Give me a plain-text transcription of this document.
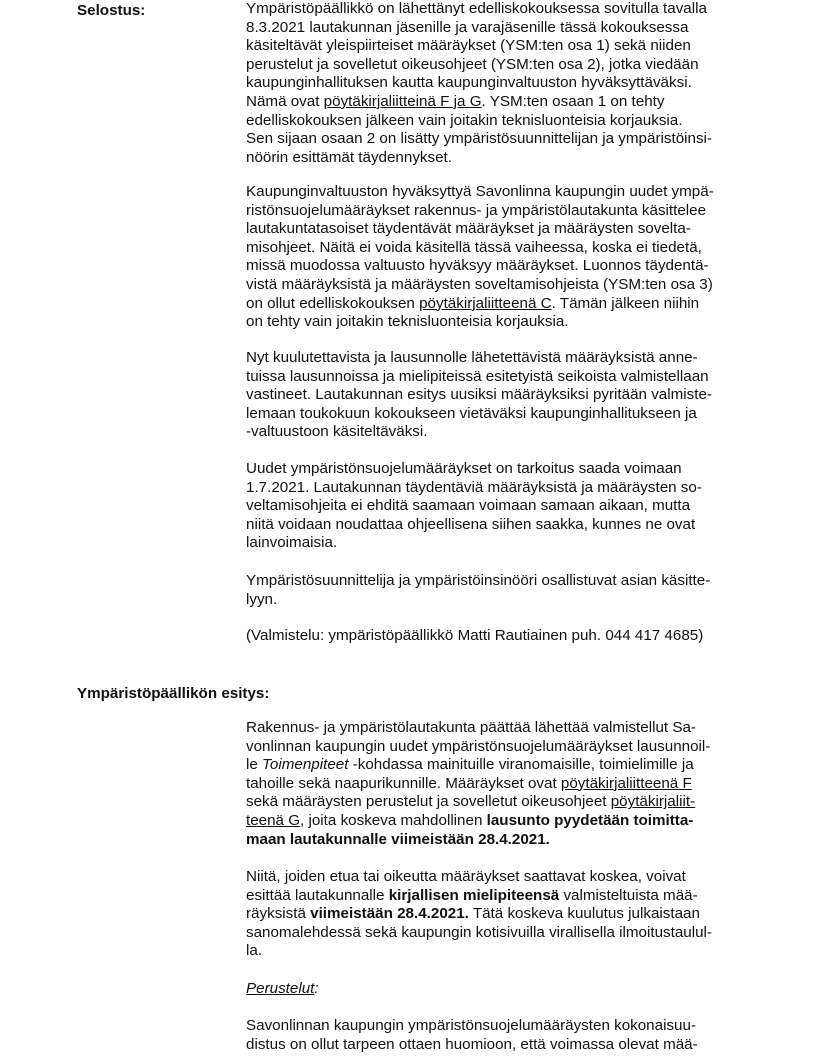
Selostus:	Ympäristöpäällikkö on lähettänyt edelliskokouksessa sovitulla tavalla
8.3.2021 lautakunnan jäsenille ja varajäsenille tässä kokouksessa
käsiteltävät yleispiirteiset määräykset (YSM:ten osa 1) sekä niiden
perustelut ja sovelletut oikeusohjeet (YSM:ten osa 2), jotka viedään
kaupunginhallituksen kautta kaupunginvaltuuston hyväksyttäväksi.
Nämä ovat pöytäkirjaliitteinä F ja G. YSM:ten osaan 1 on tehty
edelliskokouksen jälkeen vain joitakin teknisluonteisia korjauksia.
Sen sijaan osaan 2 on lisätty ympäristösuunnittelijan ja ympäristöinsi-
nöörin esittämät täydennykset.
Kaupunginvaltuuston hyväksyttyä Savonlinna kaupungin uudet ympä-
ristönsuojelumääräykset rakennus- ja ympäristölautakunta käsittelee
lautakuntatasoiset täydentävät määräykset ja määräysten soveltа-
misohjeet. Näitä ei voida käsitellä tässä vaiheessa, koska ei tiedetä,
missä muodossa valtuusto hyväksyy määräykset. Luonnos täydentä-
vistä määräyksistä ja määräysten soveltamisohjeista (YSM:ten osa 3)
on ollut edelliskokouksen pöytäkirjaliitteenä C. Tämän jälkeen niihin
on tehty vain joitakin teknisluonteisia korjauksia.
Nyt kuulutettavista ja lausunnolle lähetettävistä määräyksistä anne-
tuissa lausunnoissa ja mielipiteissä esitetyistä seikoista valmistellaan
vastineet. Lautakunnan esitys uusiksi määräyksiksi pyritään valmiste-
lemaan toukokuun kokoukseen vietäväksi kaupunginhallitukseen ja
-valtuustoon käsiteltäväksi.
Uudet ympäristönsuojelumääräykset on tarkoitus saada voimaan
1.7.2021. Lautakunnan täydentäviä määräyksistä ja määräysten so-
veltamisohjeita ei ehditä saamaan voimaan samaan aikaan, mutta
niitä voidaan noudattaa ohjeellisena siihen saakka, kunnes ne ovat
lainvoimaisia.
Ympäristösuunnittelija ja ympäristöinsinööri osallistuvat asian käsitte-
lyyn.
(Valmistelu: ympäristöpäällikkö Matti Rautiainen puh. 044 417 4685)
Ympäristöpäällikön esitys:
Rakennus- ja ympäristölautakunta päättää lähettää valmistellut Sa-
vonlinnan kaupungin uudet ympäristönsuojelumääräykset lausunnoil-
le Toimenpiteet -kohdassa mainituille viranomaisille, toimielimille ja
tahoille sekä naapurikunnille. Määräykset ovat pöytäkirjaliitteenä F
sekä määräysten perustelut ja sovelletut oikeusohjeet pöytäkirjaliit-
teenä G, joita koskeva mahdollinen lausunto pyydetään toimitta-
maan lautakunnalle viimeistään 28.4.2021.
Niitä, joiden etua tai oikeutta määräykset saattavat koskea, voivat
esittää lautakunnalle kirjallisen mielipiteensä valmisteltuista mää-
räyksistä viimeistään 28.4.2021. Tätä koskeva kuulutus julkaistaan
sanomalehdessä sekä kaupungin kotisivuilla virallisella ilmoitustaulul-
la.
Perustelut:
Savonlinnan kaupungin ympäristönsuojelumääräysten kokonaisuu-
distus on ollut tarpeen ottaen huomioon, että voimassa olevat mää-
